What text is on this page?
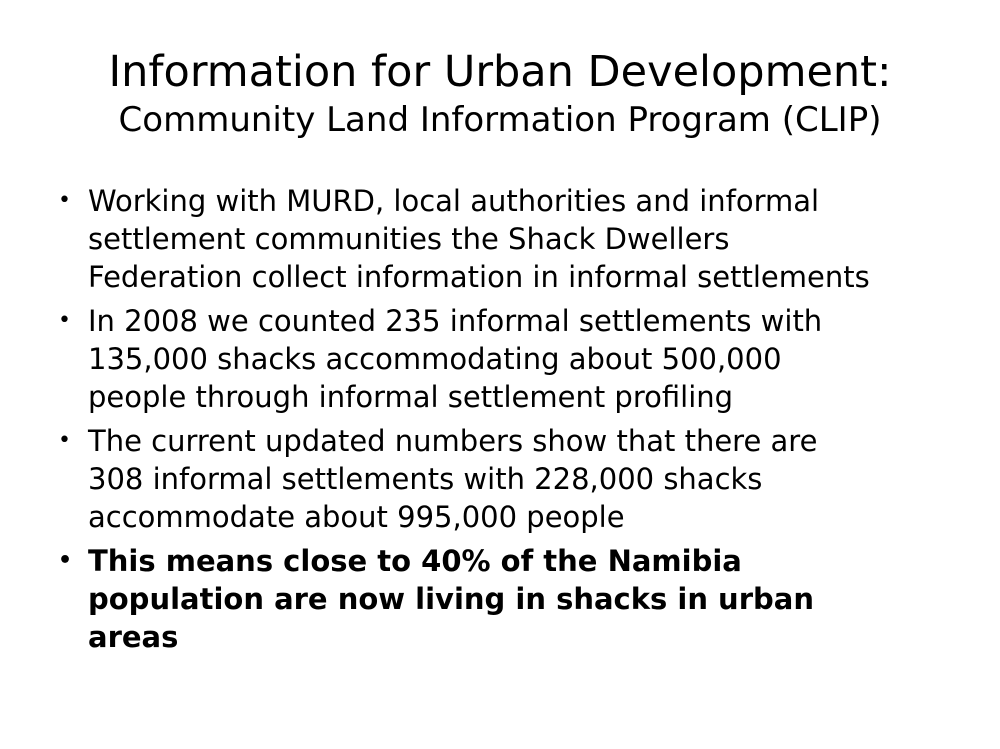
Information for Urban Development:
Community Land Information Program (CLIP)
• Working with MURD, local authorities and informal
settlement communities the Shack Dwellers
Federation collect information in informal settlements
• In 2008 we counted 235 informal settlements with
135,000 shacks accommodating about 500,000
people through informal settlement profiling
• The current updated numbers show that there are
308 informal settlements with 228,000 shacks
accommodate about 995,000 people
• This means close to 40% of the Namibia
population are now living in shacks in urban
areas
